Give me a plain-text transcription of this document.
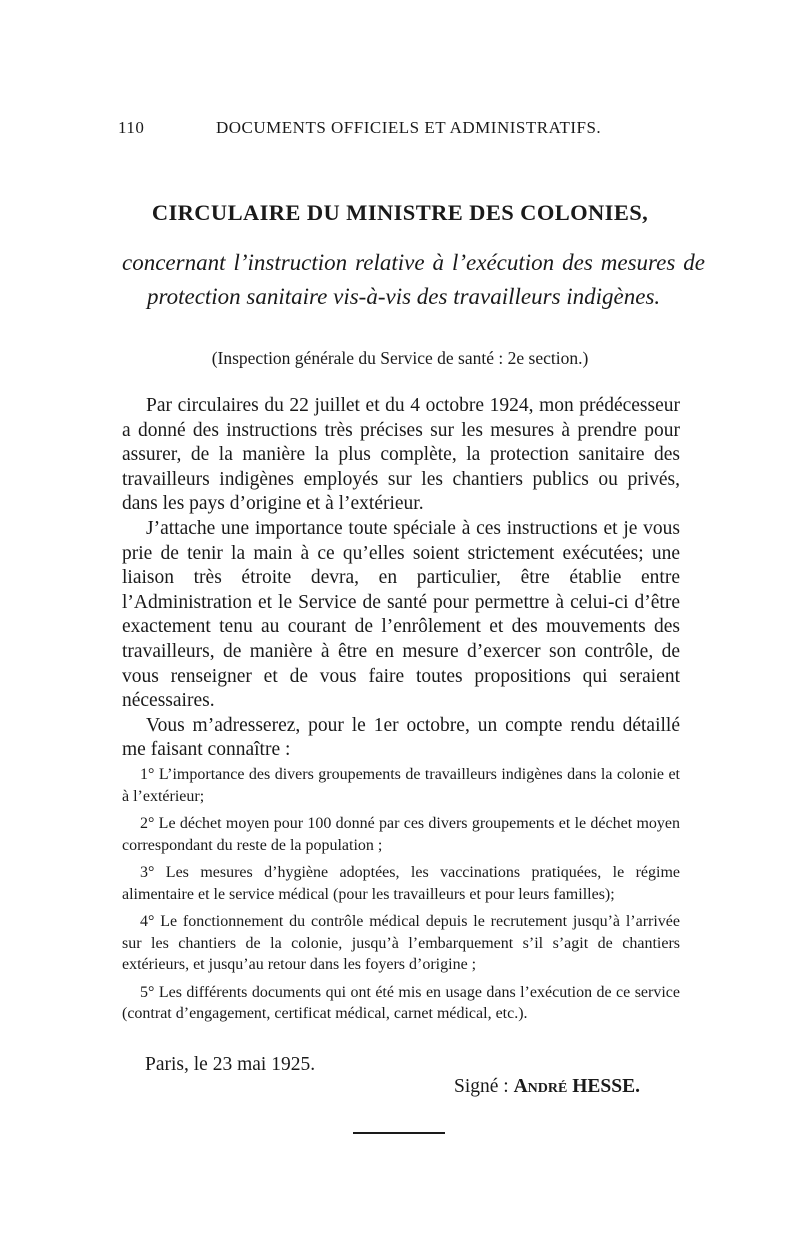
110	DOCUMENTS OFFICIELS ET ADMINISTRATIFS.
CIRCULAIRE DU MINISTRE DES COLONIES,
concernant l’instruction relative à l’exécution des mesures de protection sanitaire vis-à-vis des travailleurs indigènes.
(Inspection générale du Service de santé : 2e section.)

Par circulaires du 22 juillet et du 4 octobre 1924, mon prédécesseur a donné des instructions très précises sur les mesures à prendre pour assurer, de la manière la plus complète, la protection sanitaire des travailleurs indigènes employés sur les chantiers publics ou privés, dans les pays d’origine et à l’extérieur.

J’attache une importance toute spéciale à ces instructions et je vous prie de tenir la main à ce qu’elles soient strictement exécutées; une liaison très étroite devra, en particulier, être établie entre l’Administration et le Service de santé pour permettre à celui-ci d’être exactement tenu au courant de l’enrôlement et des mouvements des travailleurs, de manière à être en mesure d’exercer son contrôle, de vous renseigner et de vous faire toutes propositions qui seraient nécessaires.

Vous m’adresserez, pour le 1er octobre, un compte rendu détaillé me faisant connaître :

1° L’importance des divers groupements de travailleurs indigènes dans la colonie et à l’extérieur;

2° Le déchet moyen pour 100 donné par ces divers groupements et le déchet moyen correspondant du reste de la population ;

3° Les mesures d’hygiène adoptées, les vaccinations pratiquées, le régime alimentaire et le service médical (pour les travailleurs et pour leurs familles);

4° Le fonctionnement du contrôle médical depuis le recrutement jusqu’à l’arrivée sur les chantiers de la colonie, jusqu’à l’embarquement s’il s’agit de chantiers extérieurs, et jusqu’au retour dans les foyers d’origine ;

5° Les différents documents qui ont été mis en usage dans l’exécution de ce service (contrat d’engagement, certificat médical, carnet médical, etc.).

Paris, le 23 mai 1925.
Signé : André HESSE.
